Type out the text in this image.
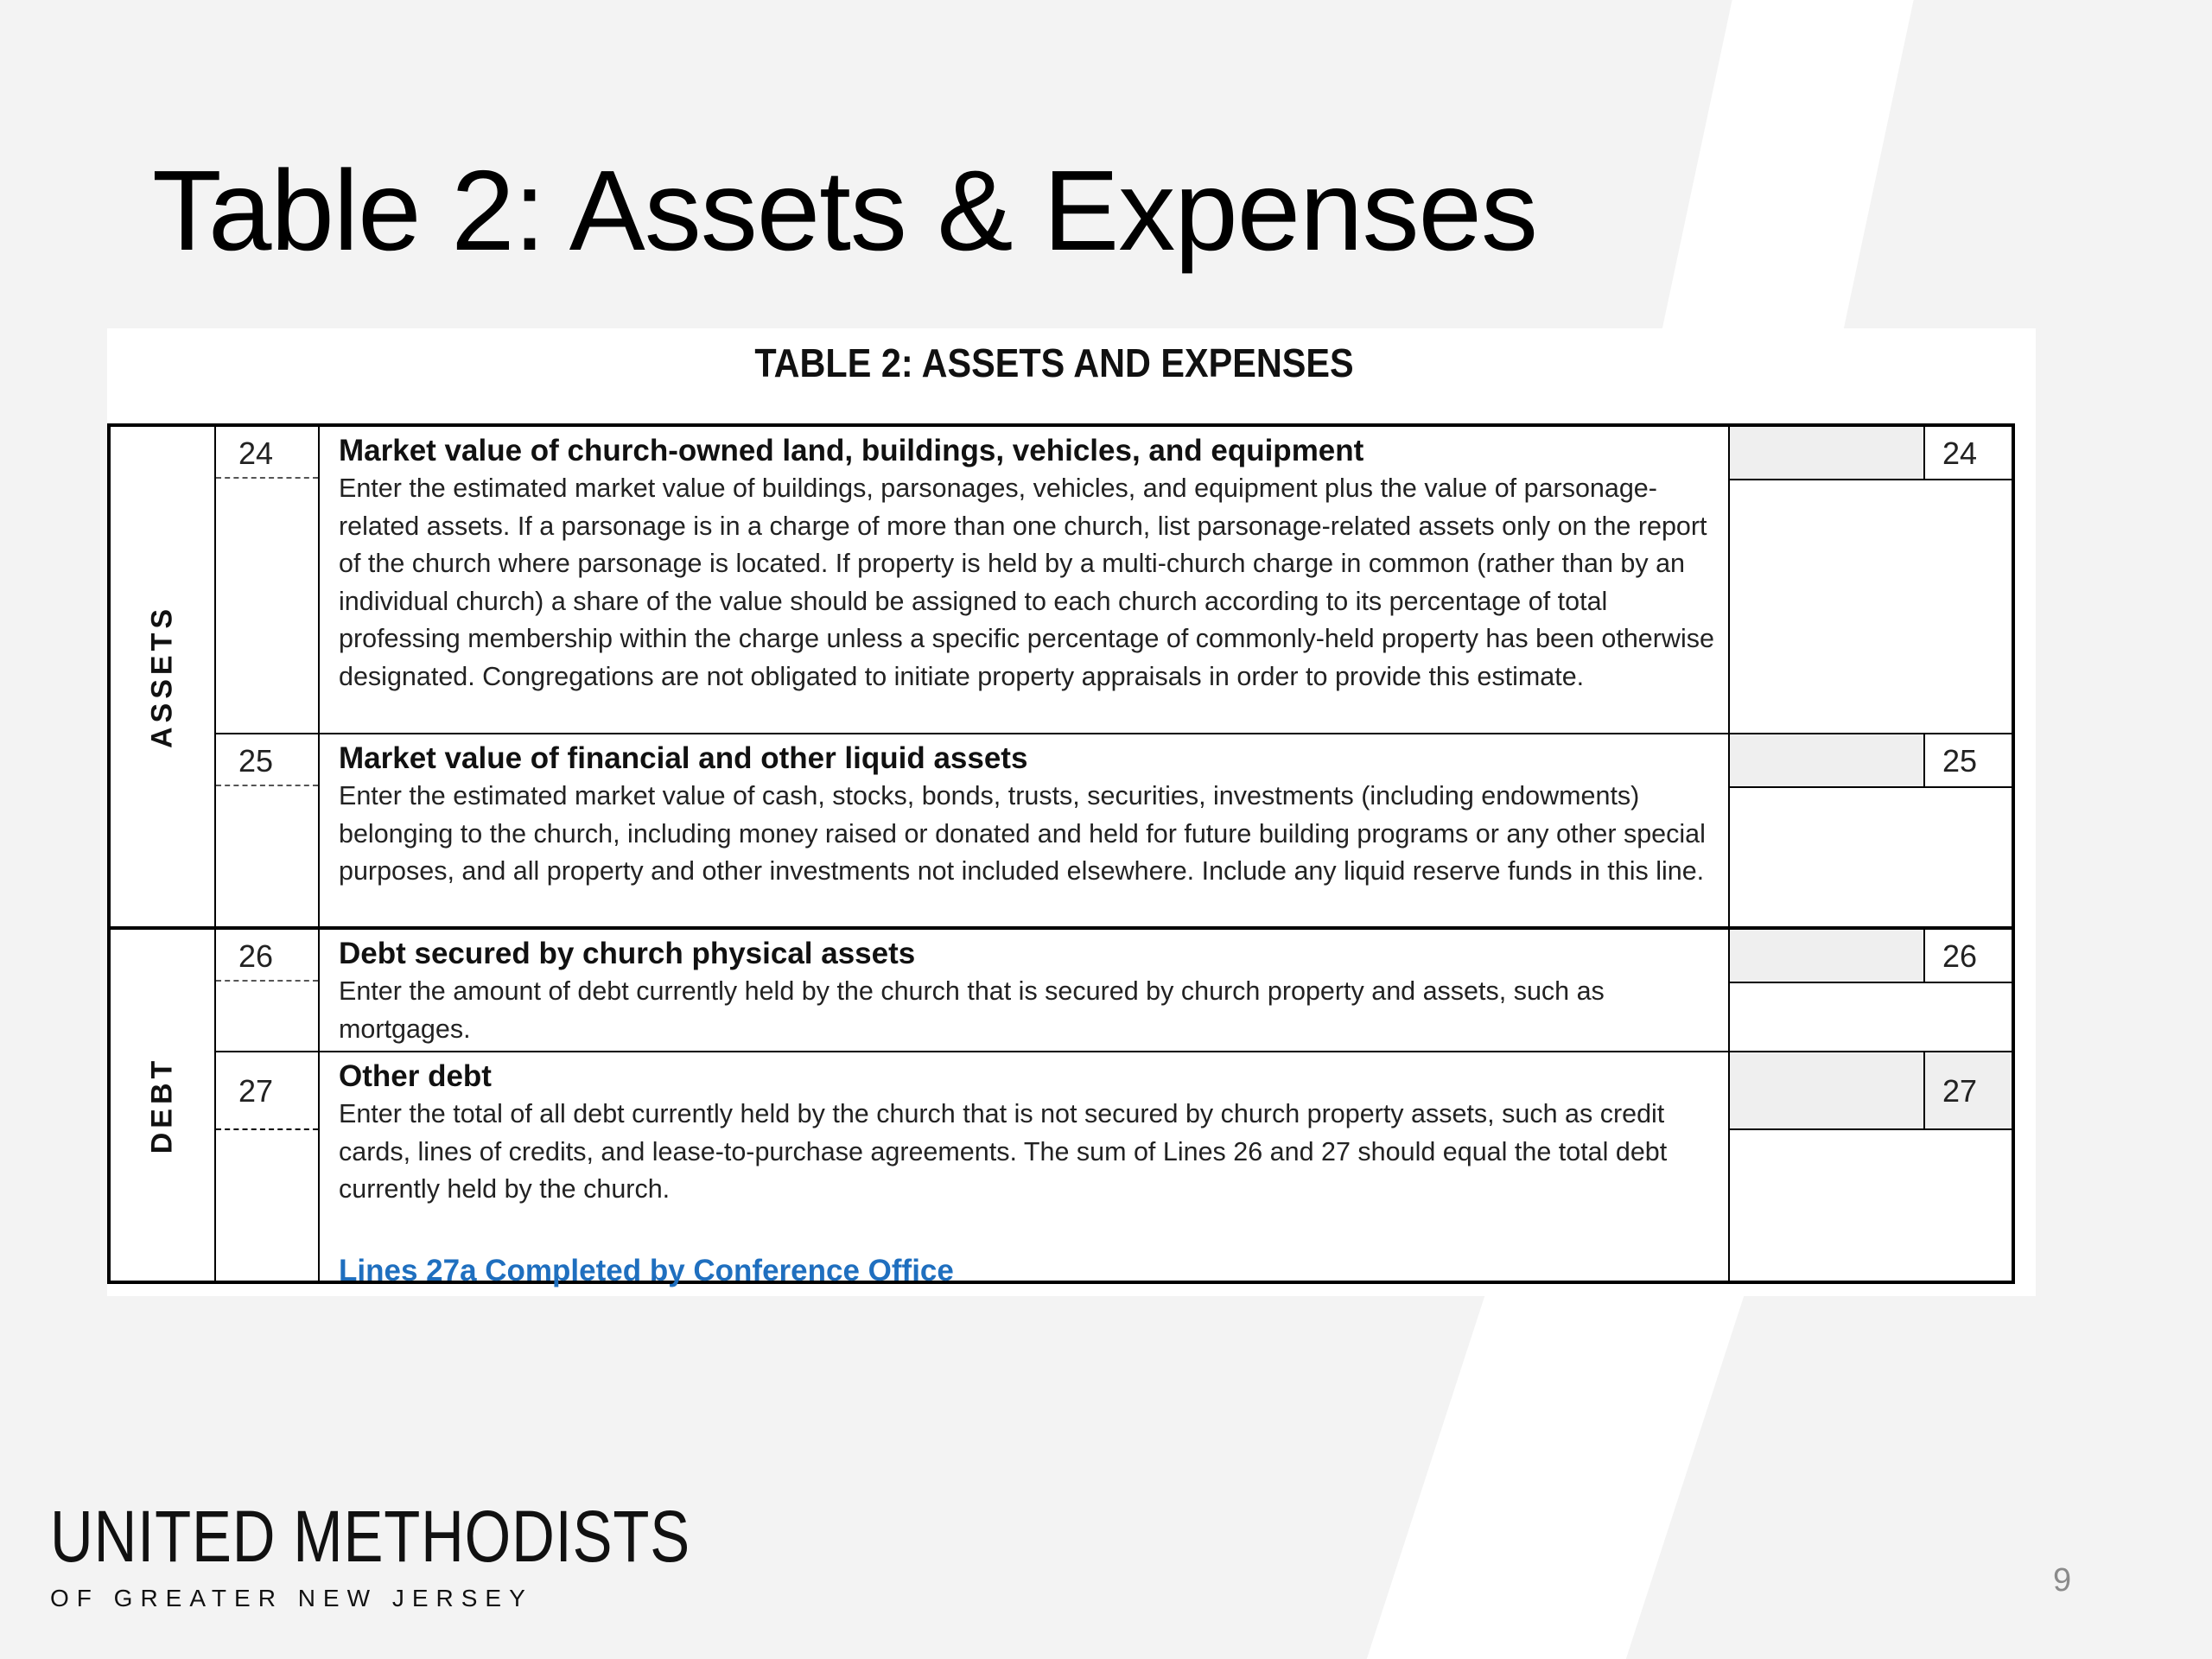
Table 2: Assets & Expenses
TABLE 2: ASSETS AND EXPENSES
ASSETS
24	Market value of church-owned land, buildings, vehicles, and equipment
Enter the estimated market value of buildings, parsonages, vehicles, and equipment plus the value of parsonage-related assets. If a parsonage is in a charge of more than one church, list parsonage-related assets only on the report of the church where parsonage is located. If property is held by a multi-church charge in common (rather than by an individual church) a share of the value should be assigned to each church according to its percentage of total professing membership within the charge unless a specific percentage of commonly-held property has been otherwise designated. Congregations are not obligated to initiate property appraisals in order to provide this estimate.
24
25	Market value of financial and other liquid assets
Enter the estimated market value of cash, stocks, bonds, trusts, securities, investments (including endowments) belonging to the church, including money raised or donated and held for future building programs or any other special purposes, and all property and other investments not included elsewhere. Include any liquid reserve funds in this line.
25
DEBT
26	Debt secured by church physical assets
Enter the amount of debt currently held by the church that is secured by church property and assets, such as mortgages.
26
27	Other debt
Enter the total of all debt currently held by the church that is not secured by church property assets, such as credit cards, lines of credits, and lease-to-purchase agreements. The sum of Lines 26 and 27 should equal the total debt currently held by the church.
Lines 27a Completed by Conference Office
27
UNITED METHODISTS
OF GREATER NEW JERSEY	9
